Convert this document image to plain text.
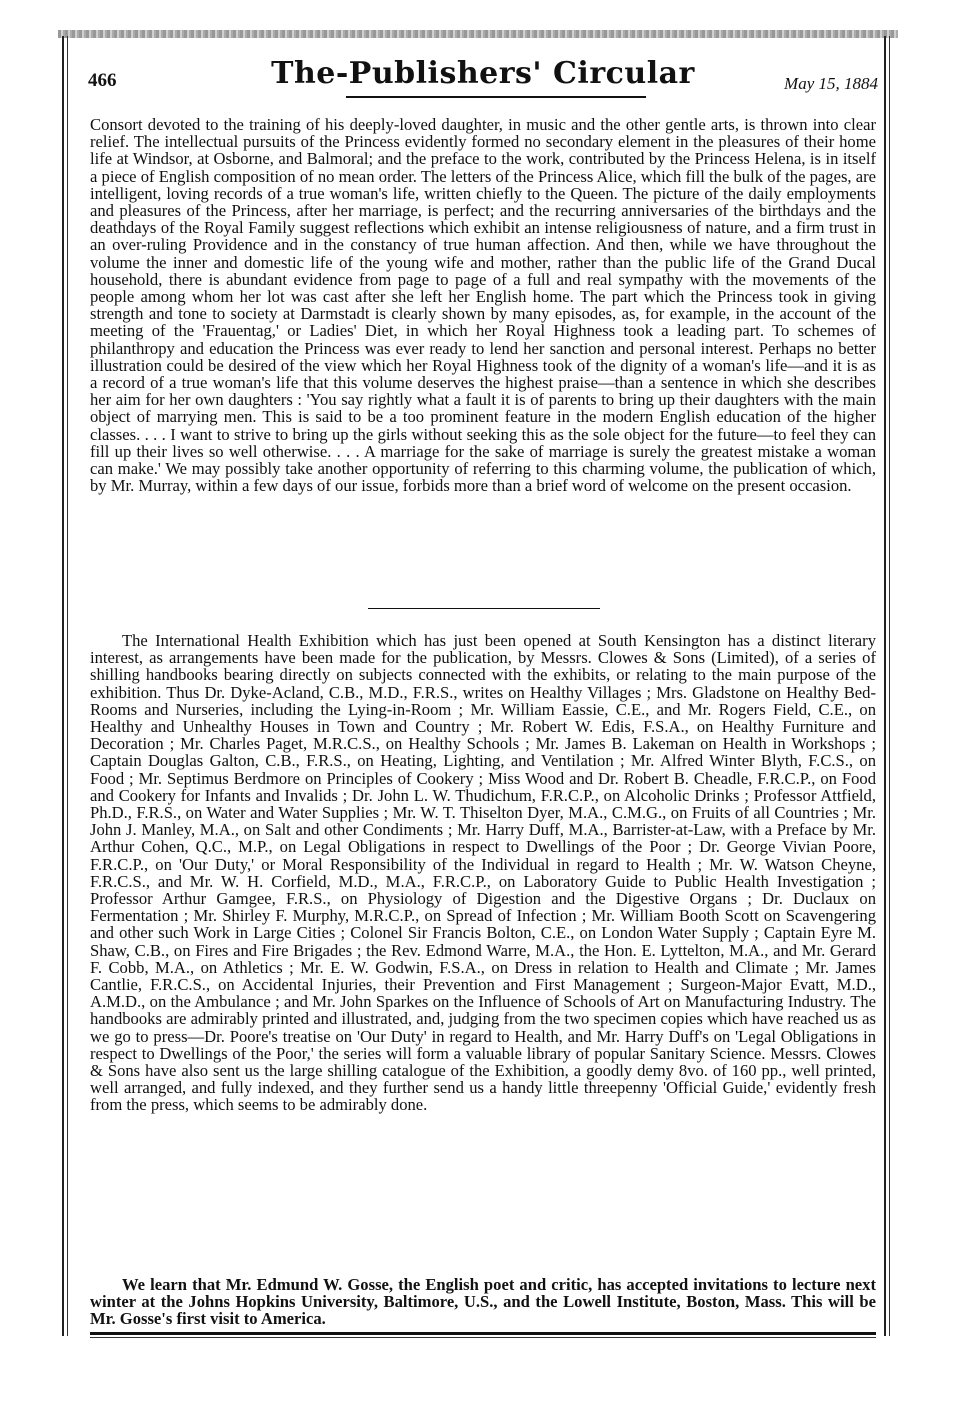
466	The-Publishers' Circular	May 15, 1884

Consort devoted to the training of his deeply-loved daughter, in music and the other gentle arts, is thrown into clear relief. The intellectual pursuits of the Princess evidently formed no secondary element in the pleasures of their home life at Windsor, at Osborne, and Balmoral; and the preface to the work, contributed by the Princess Helena, is in itself a piece of English composition of no mean order. The letters of the Princess Alice, which fill the bulk of the pages, are intelligent, loving records of a true woman's life, written chiefly to the Queen. The picture of the daily employments and pleasures of the Princess, after her marriage, is perfect; and the recurring anniversaries of the birthdays and the deathdays of the Royal Family suggest reflections which exhibit an intense religiousness of nature, and a firm trust in an over-ruling Providence and in the constancy of true human affection. And then, while we have throughout the volume the inner and domestic life of the young wife and mother, rather than the public life of the Grand Ducal household, there is abundant evidence from page to page of a full and real sympathy with the movements of the people among whom her lot was cast after she left her English home. The part which the Princess took in giving strength and tone to society at Darmstadt is clearly shown by many episodes, as, for example, in the account of the meeting of the 'Frauentag,' or Ladies' Diet, in which her Royal Highness took a leading part. To schemes of philanthropy and education the Princess was ever ready to lend her sanction and personal interest. Perhaps no better illustration could be desired of the view which her Royal Highness took of the dignity of a woman's life—and it is as a record of a true woman's life that this volume deserves the highest praise—than a sentence in which she describes her aim for her own daughters : 'You say rightly what a fault it is of parents to bring up their daughters with the main object of marrying men. This is said to be a too prominent feature in the modern English education of the higher classes. . . . I want to strive to bring up the girls without seeking this as the sole object for the future—to feel they can fill up their lives so well otherwise. . . . A marriage for the sake of marriage is surely the greatest mistake a woman can make.' We may possibly take another opportunity of referring to this charming volume, the publication of which, by Mr. Murray, within a few days of our issue, forbids more than a brief word of welcome on the present occasion.

The International Health Exhibition which has just been opened at South Kensington has a distinct literary interest, as arrangements have been made for the publication, by Messrs. Clowes & Sons (Limited), of a series of shilling handbooks bearing directly on subjects connected with the exhibits, or relating to the main purpose of the exhibition. Thus Dr. Dyke-Acland, C.B., M.D., F.R.S., writes on Healthy Villages ; Mrs. Gladstone on Healthy Bed-Rooms and Nurseries, including the Lying-in-Room ; Mr. William Eassie, C.E., and Mr. Rogers Field, C.E., on Healthy and Unhealthy Houses in Town and Country ; Mr. Robert W. Edis, F.S.A., on Healthy Furniture and Decoration ; Mr. Charles Paget, M.R.C.S., on Healthy Schools ; Mr. James B. Lakeman on Health in Workshops ; Captain Douglas Galton, C.B., F.R.S., on Heating, Lighting, and Ventilation ; Mr. Alfred Winter Blyth, F.C.S., on Food ; Mr. Septimus Berdmore on Principles of Cookery ; Miss Wood and Dr. Robert B. Cheadle, F.R.C.P., on Food and Cookery for Infants and Invalids ; Dr. John L. W. Thudichum, F.R.C.P., on Alcoholic Drinks ; Professor Attfield, Ph.D., F.R.S., on Water and Water Supplies ; Mr. W. T. Thiselton Dyer, M.A., C.M.G., on Fruits of all Countries ; Mr. John J. Manley, M.A., on Salt and other Condiments ; Mr. Harry Duff, M.A., Barrister-at-Law, with a Preface by Mr. Arthur Cohen, Q.C., M.P., on Legal Obligations in respect to Dwellings of the Poor ; Dr. George Vivian Poore, F.R.C.P., on 'Our Duty,' or Moral Responsibility of the Individual in regard to Health ; Mr. W. Watson Cheyne, F.R.C.S., and Mr. W. H. Corfield, M.D., M.A., F.R.C.P., on Laboratory Guide to Public Health Investigation ; Professor Arthur Gamgee, F.R.S., on Physiology of Digestion and the Digestive Organs ; Dr. Duclaux on Fermentation ; Mr. Shirley F. Murphy, M.R.C.P., on Spread of Infection ; Mr. William Booth Scott on Scavengering and other such Work in Large Cities ; Colonel Sir Francis Bolton, C.E., on London Water Supply ; Captain Eyre M. Shaw, C.B., on Fires and Fire Brigades ; the Rev. Edmond Warre, M.A., the Hon. E. Lyttelton, M.A., and Mr. Gerard F. Cobb, M.A., on Athletics ; Mr. E. W. Godwin, F.S.A., on Dress in relation to Health and Climate ; Mr. James Cantlie, F.R.C.S., on Accidental Injuries, their Prevention and First Management ; Surgeon-Major Evatt, M.D., A.M.D., on the Ambulance ; and Mr. John Sparkes on the Influence of Schools of Art on Manufacturing Industry. The handbooks are admirably printed and illustrated, and, judging from the two specimen copies which have reached us as we go to press—Dr. Poore's treatise on 'Our Duty' in regard to Health, and Mr. Harry Duff's on 'Legal Obligations in respect to Dwellings of the Poor,' the series will form a valuable library of popular Sanitary Science. Messrs. Clowes & Sons have also sent us the large shilling catalogue of the Exhibition, a goodly demy 8vo. of 160 pp., well printed, well arranged, and fully indexed, and they further send us a handy little threepenny 'Official Guide,' evidently fresh from the press, which seems to be admirably done.

We learn that Mr. Edmund W. Gosse, the English poet and critic, has accepted invitations to lecture next winter at the Johns Hopkins University, Baltimore, U.S., and the Lowell Institute, Boston, Mass. This will be Mr. Gosse's first visit to America.
